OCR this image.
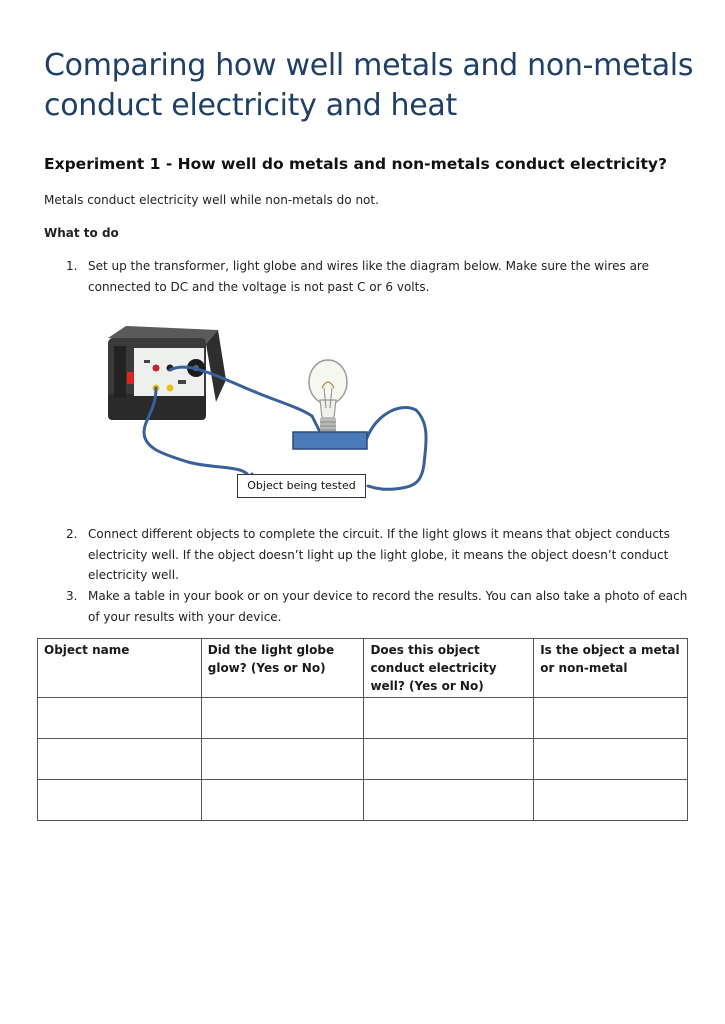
Comparing how well metals and non-metals conduct electricity and heat
Experiment 1 - How well do metals and non-metals conduct electricity?
Metals conduct electricity well while non-metals do not.
What to do
1. Set up the transformer, light globe and wires like the diagram below. Make sure the wires are connected to DC and the voltage is not past C or 6 volts.
Object being tested
2. Connect different objects to complete the circuit. If the light glows it means that object conducts electricity well. If the object doesn’t light up the light globe, it means the object doesn’t conduct electricity well.
3. Make a table in your book or on your device to record the results. You can also take a photo of each of your results with your device.
Object name	Did the light globe glow? (Yes or No)	Does this object conduct electricity well? (Yes or No)	Is the object a metal or non-metal
